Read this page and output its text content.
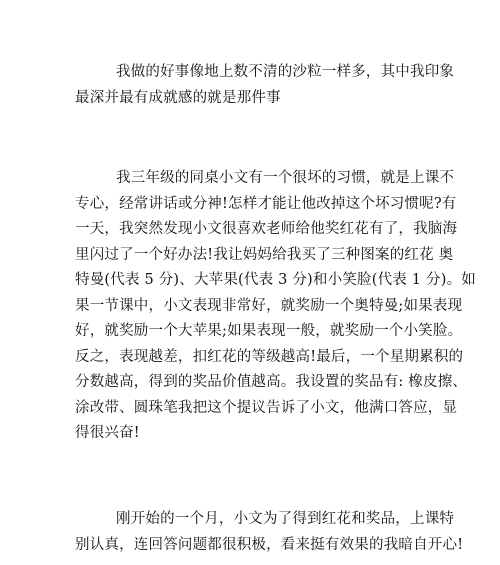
我做的好事像地上数不清的沙粒一样多，其中我印象
最深并最有成就感的就是那件事
我三年级的同桌小文有一个很坏的习惯，就是上课不
专心，经常讲话或分神!怎样才能让他改掉这个坏习惯呢?有
一天，我突然发现小文很喜欢老师给他奖红花有了，我脑海
里闪过了一个好办法!我让妈妈给我买了三种图案的红花 奥
特曼(代表 5 分)、大苹果(代表 3 分)和小笑脸(代表 1 分)。如
果一节课中，小文表现非常好，就奖励一个奥特曼;如果表现
好，就奖励一个大苹果;如果表现一般，就奖励一个小笑脸。
反之，表现越差，扣红花的等级越高!最后，一个星期累积的
分数越高，得到的奖品价值越高。我设置的奖品有: 橡皮擦、
涂改带、圆珠笔我把这个提议告诉了小文，他满口答应，显
得很兴奋!
刚开始的一个月，小文为了得到红花和奖品，上课特
别认真，连回答问题都很积极，看来挺有效果的我暗自开心!
